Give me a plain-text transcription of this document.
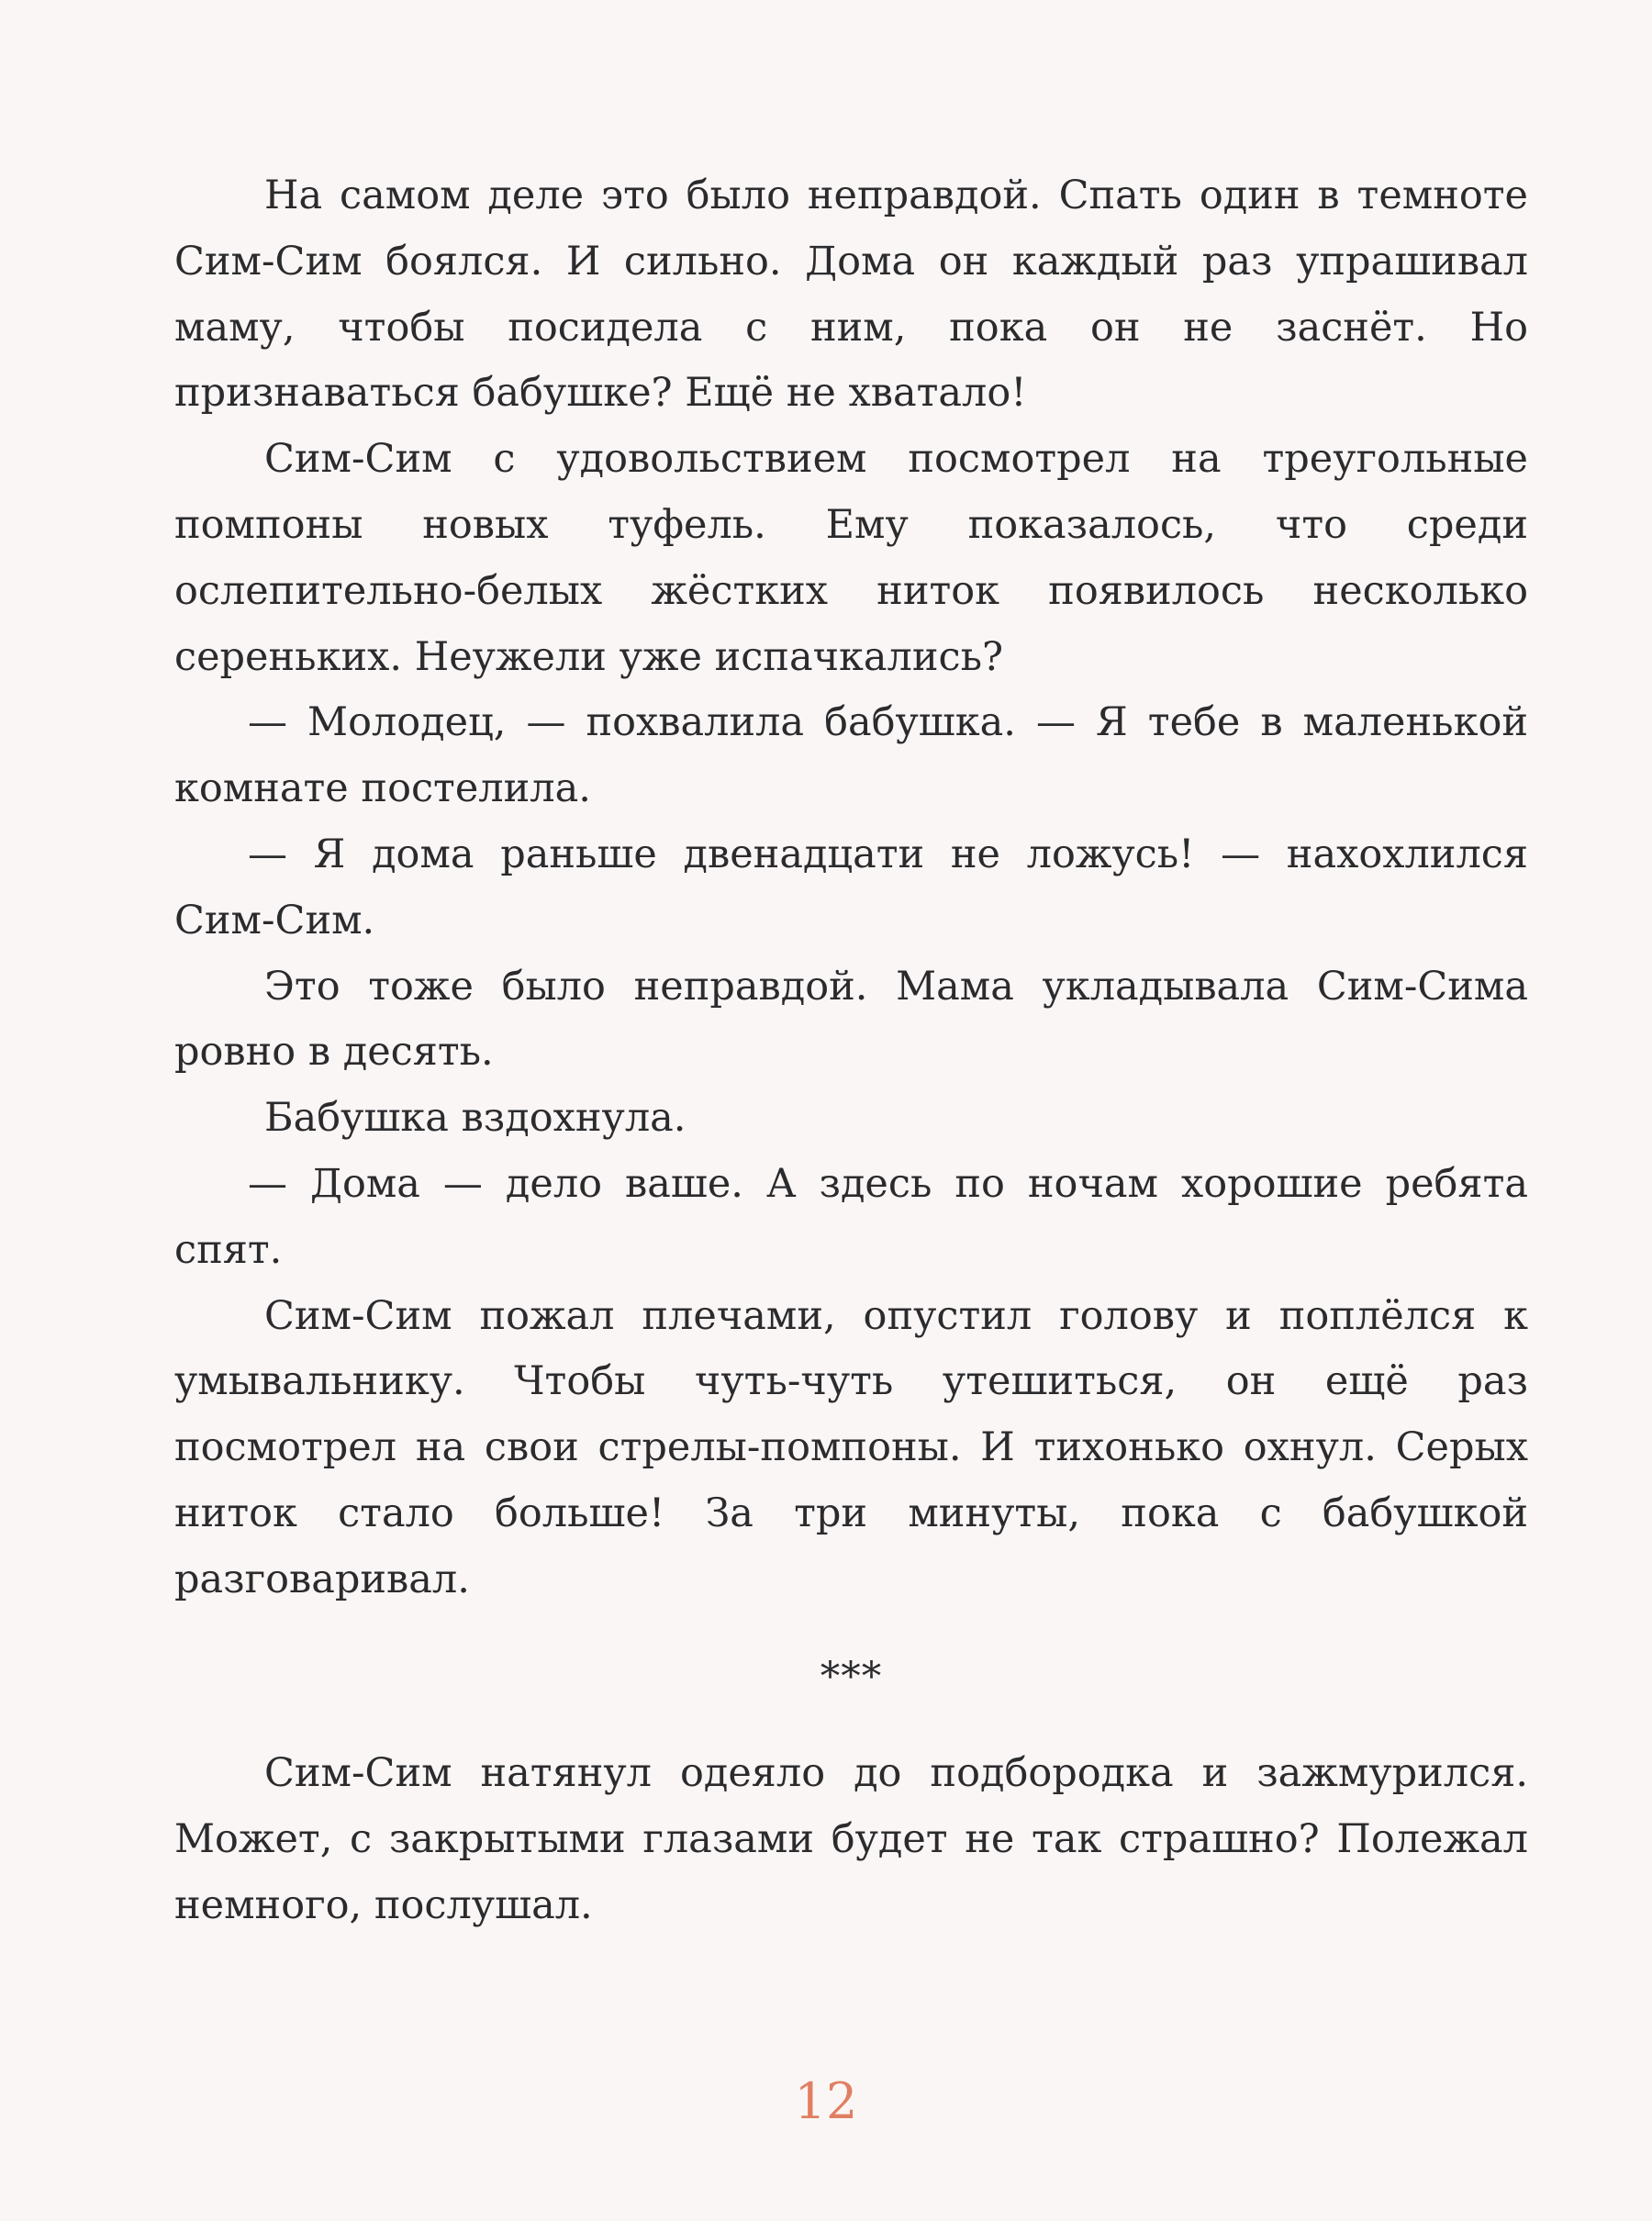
На самом деле это было неправдой. Спать один в темноте Сим-Сим боялся. И сильно. Дома он каждый раз упрашивал маму, чтобы посидела с ним, пока он не заснёт. Но признаваться бабушке? Ещё не хватало!

Сим-Сим с удовольствием посмотрел на треугольные помпоны новых туфель. Ему показалось, что среди ослепительно-белых жёстких ниток появилось несколько сереньких. Неужели уже испачкались?

— Молодец, — похвалила бабушка. — Я тебе в маленькой комнате постелила.

— Я дома раньше двенадцати не ложусь! — нахохлился Сим-Сим.

Это тоже было неправдой. Мама укладывала Сим-Сима ровно в десять.

Бабушка вздохнула.

— Дома — дело ваше. А здесь по ночам хорошие ребята спят.

Сим-Сим пожал плечами, опустил голову и поплёлся к умывальнику. Чтобы чуть-чуть утешиться, он ещё раз посмотрел на свои стрелы-помпоны. И тихонько охнул. Серых ниток стало больше! За три минуты, пока с бабушкой разговаривал.

***

Сим-Сим натянул одеяло до подбородка и зажмурился. Может, с закрытыми глазами будет не так страшно? Полежал немного, послушал.

12
